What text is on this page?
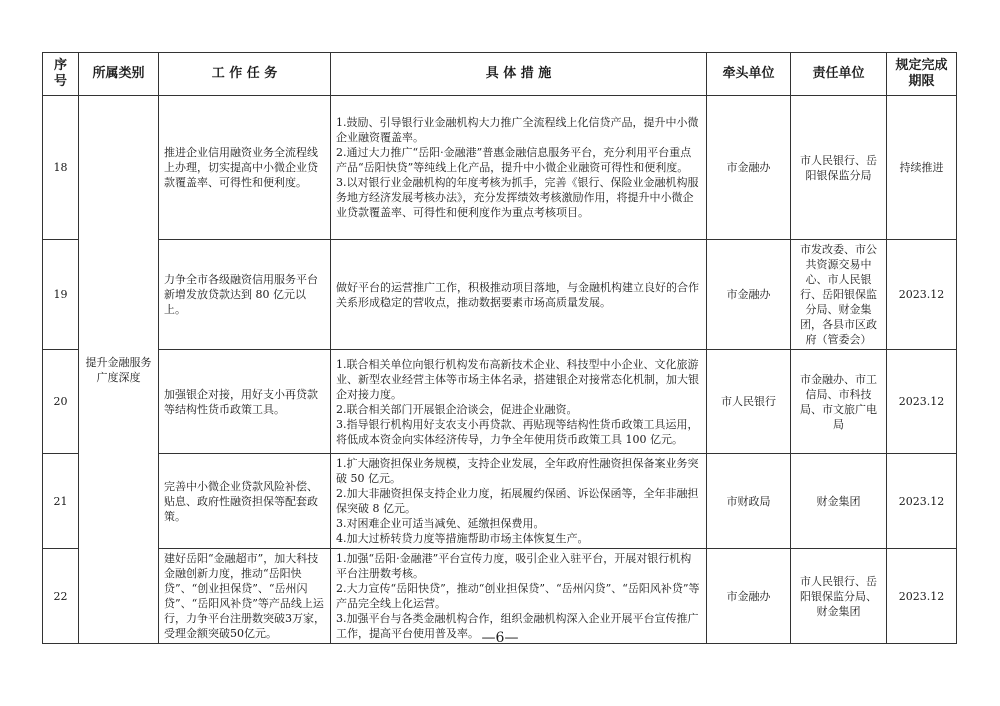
序号	所属类别	工 作 任 务	具 体 措 施	牵头单位	责任单位	规定完成期限
18	提升金融服务广度深度	推进企业信用融资业务全流程线上办理，切实提高中小微企业贷款覆盖率、可得性和便利度。	1.鼓励、引导银行业金融机构大力推广全流程线上化信贷产品，提升中小微企业融资覆盖率。
2.通过大力推广“岳阳·金融港”普惠金融信息服务平台，充分利用平台重点产品“岳阳快贷”等纯线上化产品，提升中小微企业融资可得性和便利度。
3.以对银行业金融机构的年度考核为抓手，完善《银行、保险业金融机构服务地方经济发展考核办法》，充分发挥绩效考核激励作用，将提升中小微企业贷款覆盖率、可得性和便利度作为重点考核项目。	市金融办	市人民银行、岳阳银保监分局	持续推进
19		力争全市各级融资信用服务平台新增发放贷款达到 80 亿元以上。	做好平台的运营推广工作，积极推动项目落地，与金融机构建立良好的合作关系形成稳定的营收点，推动数据要素市场高质量发展。	市金融办	市发改委、市公共资源交易中心、市人民银行、岳阳银保监分局、财金集团，各县市区政府（管委会）	2023.12
20		加强银企对接，用好支小再贷款等结构性货币政策工具。	1.联合相关单位向银行机构发布高新技术企业、科技型中小企业、文化旅游业、新型农业经营主体等市场主体名录，搭建银企对接常态化机制，加大银企对接力度。
2.联合相关部门开展银企洽谈会，促进企业融资。
3.指导银行机构用好支农支小再贷款、再贴现等结构性货币政策工具运用，将低成本资金向实体经济传导，力争全年使用货币政策工具 100 亿元。	市人民银行	市金融办、市工信局、市科技局、市文旅广电局	2023.12
21		完善中小微企业贷款风险补偿、贴息、政府性融资担保等配套政策。	1.扩大融资担保业务规模，支持企业发展，全年政府性融资担保备案业务突破 50 亿元。
2.加大非融资担保支持企业力度，拓展履约保函、诉讼保函等，全年非融担保突破 8 亿元。
3.对困难企业可适当减免、延缴担保费用。
4.加大过桥转贷力度等措施帮助市场主体恢复生产。	市财政局	财金集团	2023.12
22		建好岳阳“金融超市”，加大科技金融创新力度，推动“岳阳快贷”、“创业担保贷”、“岳州闪贷”、“岳阳风补贷”等产品线上运行，力争平台注册数突破3万家，受理金额突破50亿元。	1.加强“岳阳·金融港”平台宣传力度，吸引企业入驻平台，开展对银行机构平台注册数考核。
2.大力宣传“岳阳快贷”，推动“创业担保贷”、“岳州闪贷”、“岳阳风补贷”等产品完全线上化运营。
3.加强平台与各类金融机构合作，组织金融机构深入企业开展平台宣传推广工作，提高平台使用普及率。	市金融办	市人民银行、岳阳银保监分局、财金集团	2023.12
—6—
